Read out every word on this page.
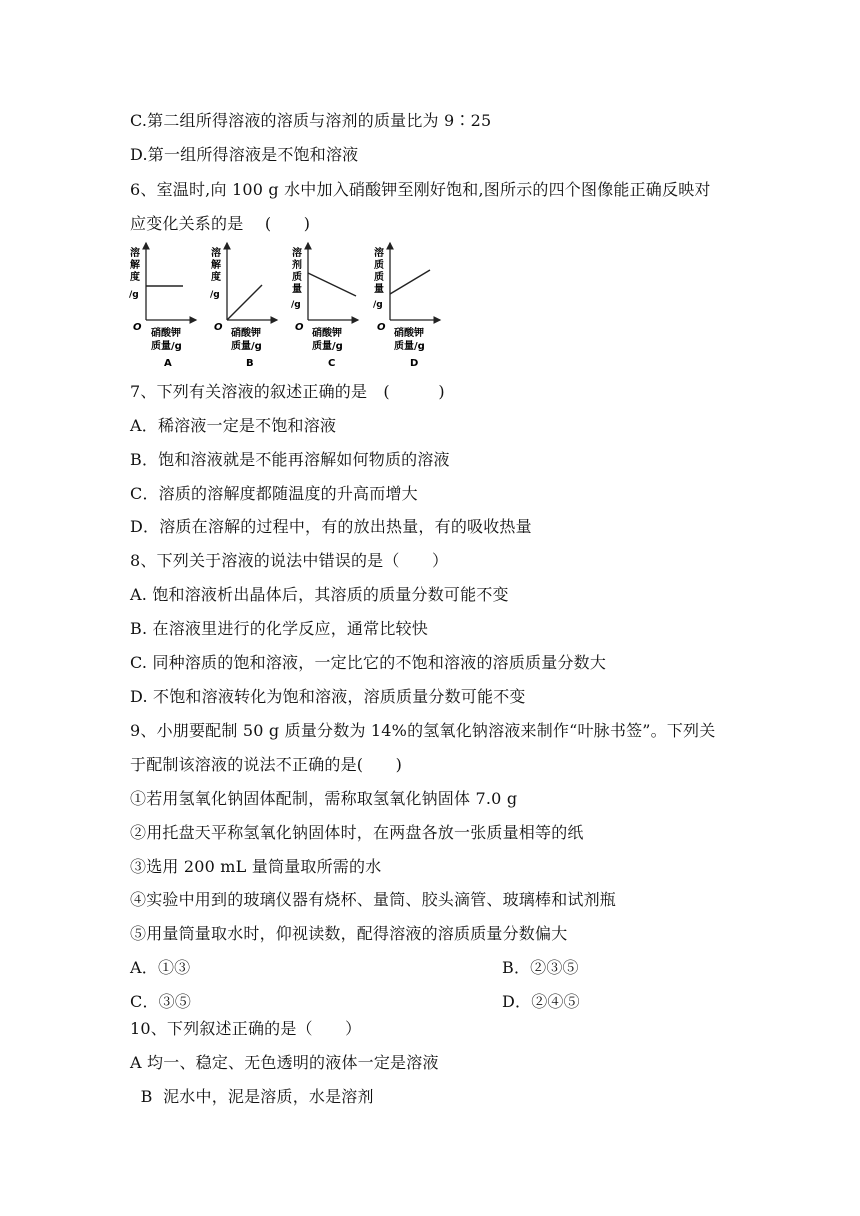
C.第二组所得溶液的溶质与溶剂的质量比为 9∶25
D.第一组所得溶液是不饱和溶液
6、室温时,向 100 g 水中加入硝酸钾至刚好饱和,图所示的四个图像能正确反映对
应变化关系的是　 (　　)
溶
解
度
/g
O
硝酸钾
质量/g
A
溶
解
度
/g
O
硝酸钾
质量/g
B
溶
剂
质
量
/g
O
硝酸钾
质量/g
C
溶
质
质
量
/g
O
硝酸钾
质量/g
D
7、下列有关溶液的叙述正确的是　(　　　)
A．稀溶液一定是不饱和溶液
B．饱和溶液就是不能再溶解如何物质的溶液
C．溶质的溶解度都随温度的升高而增大
D．溶质在溶解的过程中，有的放出热量，有的吸收热量
8、下列关于溶液的说法中错误的是（　　）
A. 饱和溶液析出晶体后，其溶质的质量分数可能不变
B. 在溶液里进行的化学反应，通常比较快
C. 同种溶质的饱和溶液，一定比它的不饱和溶液的溶质质量分数大
D. 不饱和溶液转化为饱和溶液，溶质质量分数可能不变
9、小朋要配制 50 g 质量分数为 14%的氢氧化钠溶液来制作“叶脉书签”。下列关
于配制该溶液的说法不正确的是(　　)
①若用氢氧化钠固体配制，需称取氢氧化钠固体 7.0 g
②用托盘天平称氢氧化钠固体时，在两盘各放一张质量相等的纸
③选用 200 mL 量筒量取所需的水
④实验中用到的玻璃仪器有烧杯、量筒、胶头滴管、玻璃棒和试剂瓶
⑤用量筒量取水时，仰视读数，配得溶液的溶质质量分数偏大
A．①③	B．②③⑤
C．③⑤	D．②④⑤
10、下列叙述正确的是（　　）
A 均一、稳定、无色透明的液体一定是溶液
B  泥水中，泥是溶质，水是溶剂
